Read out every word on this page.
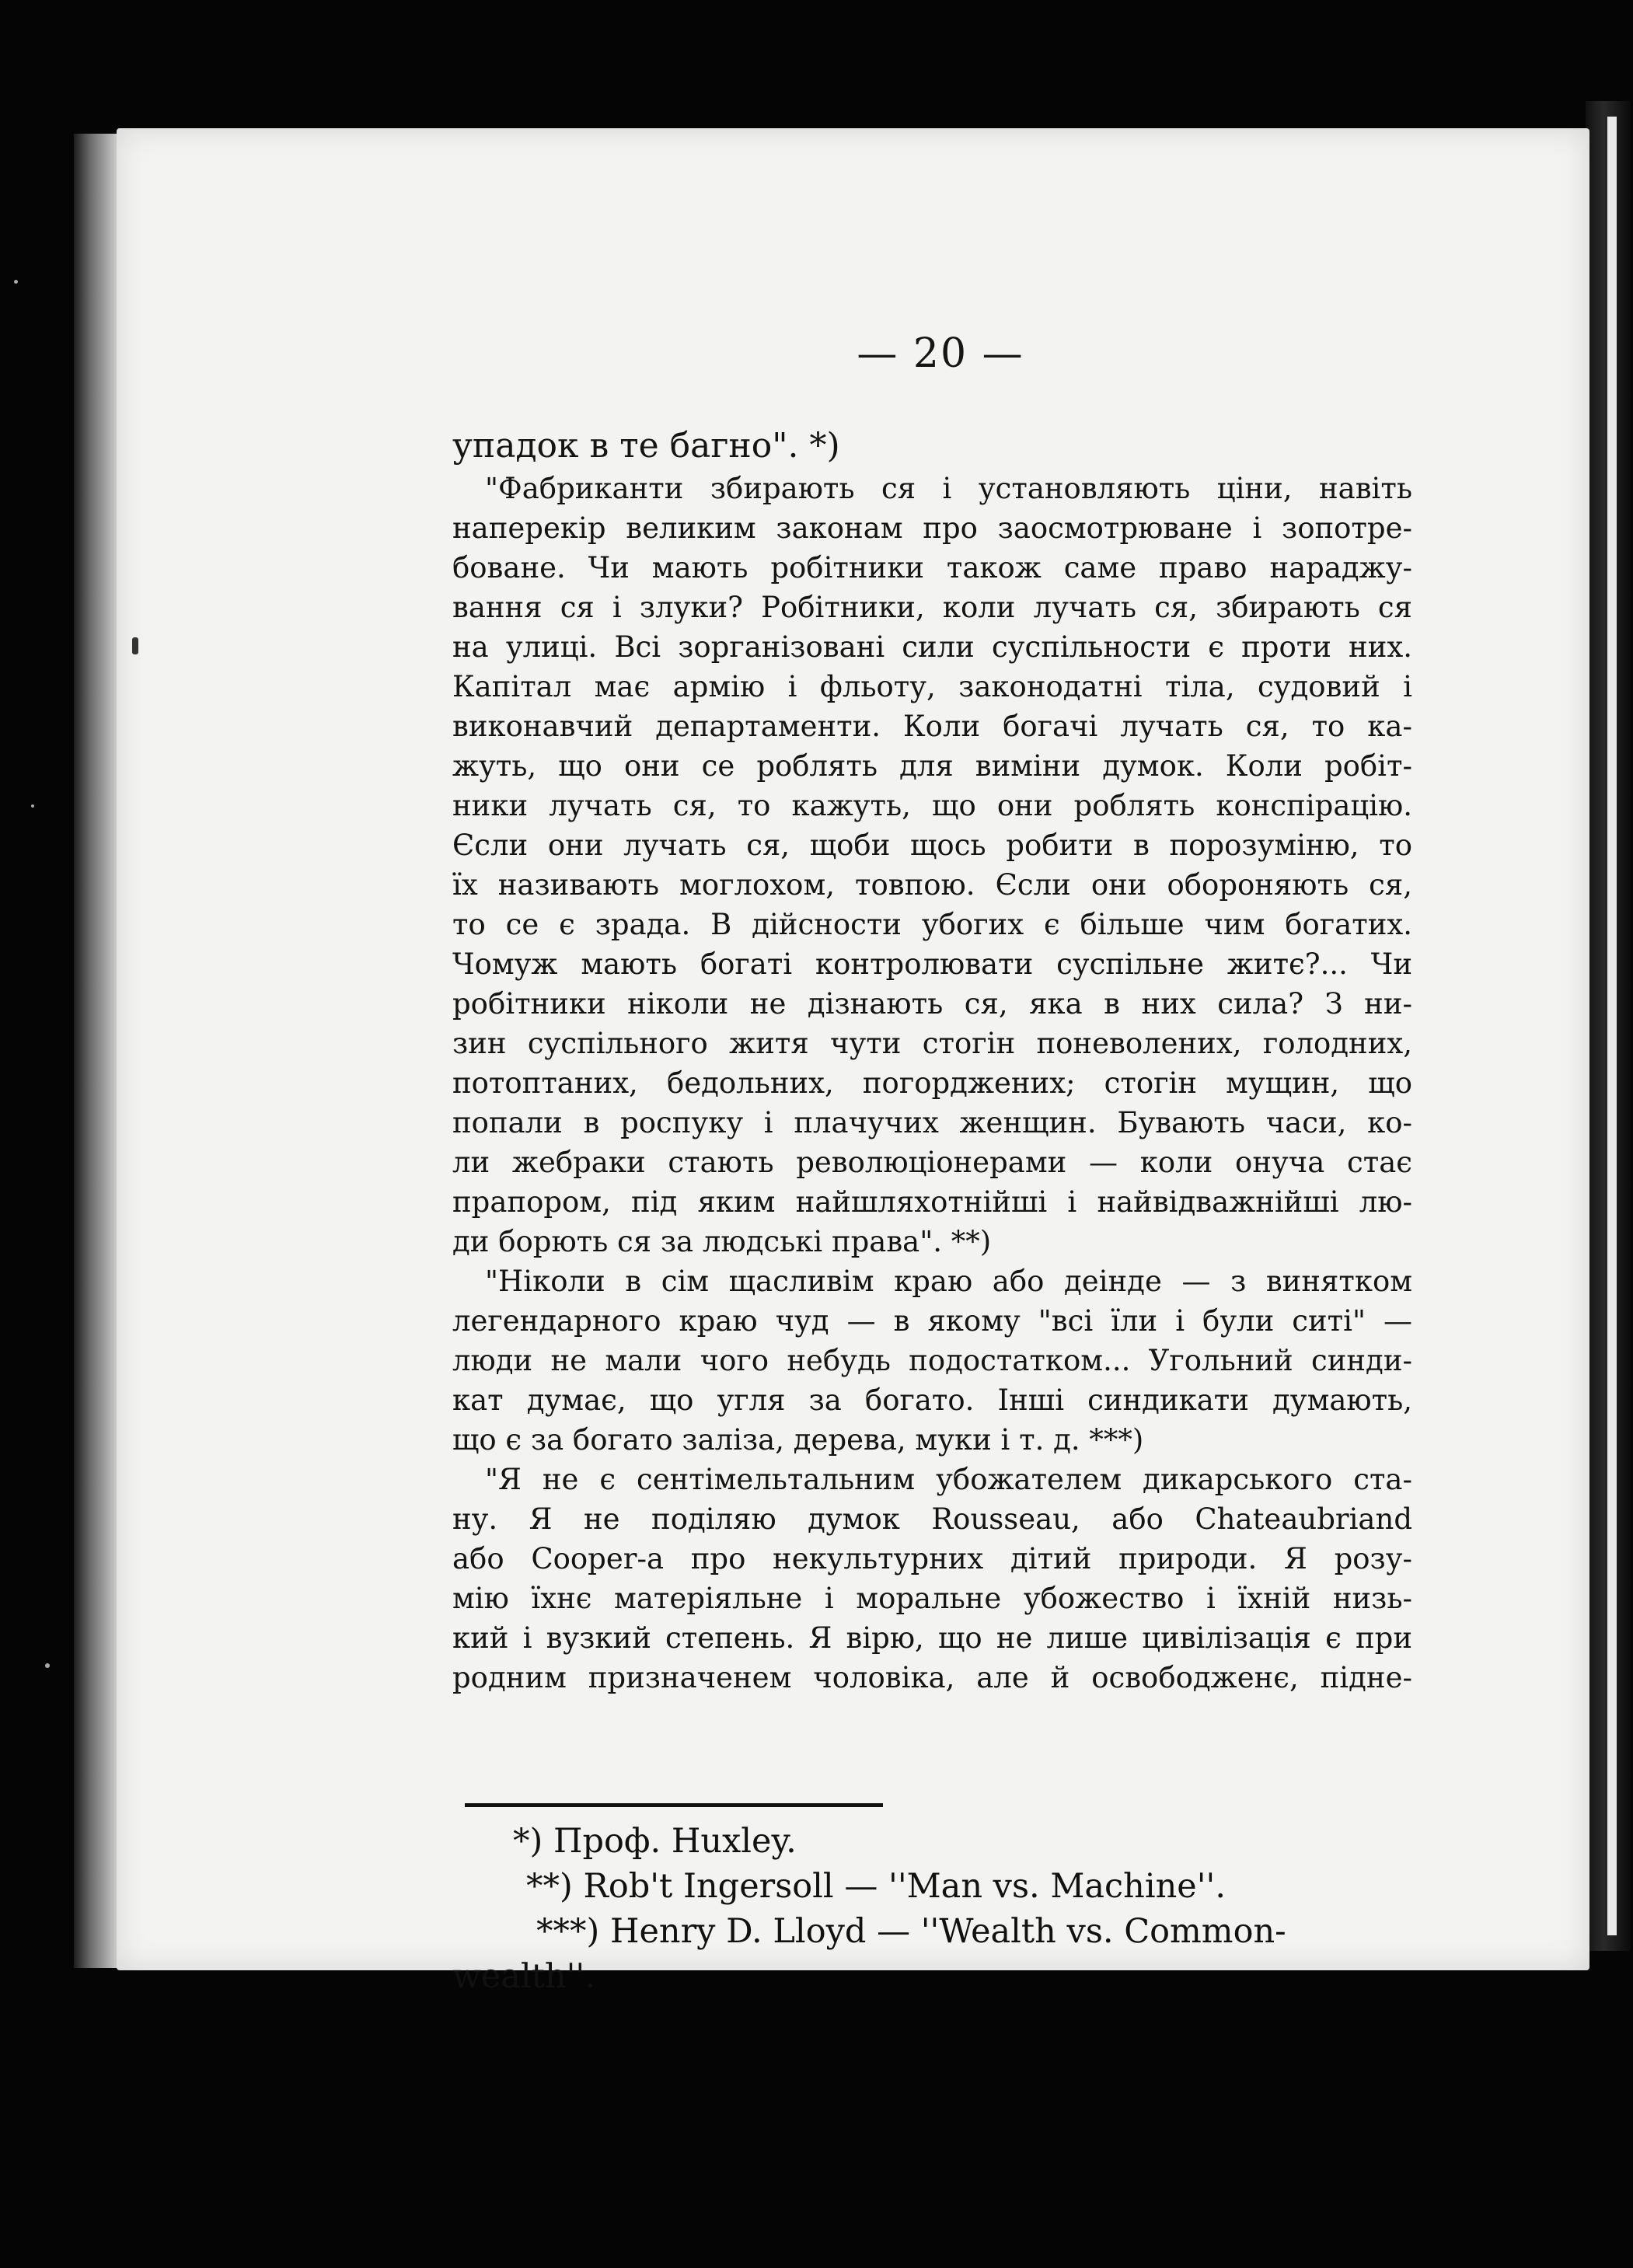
— 20 —
упадок в те багно". *)
"Фабриканти збирають ся і установляють ціни, навіть
наперекір великим законам про заосмотрюване і зопотре-
боване. Чи мають робітники також саме право нараджу-
вання ся і злуки? Робітники, коли лучать ся, збирають ся
на улиці. Всі зорганізовані сили суспільности є проти них.
Капітал має армію і фльоту, законодатні тіла, судовий і
виконавчий департаменти. Коли богачі лучать ся, то ка-
жуть, що они се роблять для виміни думок. Коли робіт-
ники лучать ся, то кажуть, що они роблять конспірацію.
Єсли они лучать ся, щоби щось робити в порозуміню, то
їх називають моглохом, товпою. Єсли они обороняють ся,
то се є зрада. В дійсности убогих є більше чим богатих.
Чомуж мають богаті контролювати суспільне житє?... Чи
робітники ніколи не дізнають ся, яка в них сила? З ни-
зин суспільного житя чути стогін поневолених, голодних,
потоптаних, бедольних, погорджених; стогін мущин, що
попали в роспуку і плачучих женщин. Бувають часи, ко-
ли жебраки стають революціонерами — коли онуча стає
прапором, під яким найшляхотнійші і найвідважнійші лю-
ди борють ся за людські права". **)
"Ніколи в сім щасливім краю або деінде — з винятком
легендарного краю чуд — в якому "всі їли і були ситі" —
люди не мали чого небудь подостатком... Угольний синди-
кат думає, що угля за богато. Інші синдикати думають,
що є за богато заліза, дерева, муки і т. д. ***)
"Я не є сентімельтальним убожателем дикарського ста-
ну. Я не поділяю думок Rousseau, або Chateaubriand
або Cooper-а про некультурних дітий природи. Я розу-
мію їхнє матеріяльне і моральне убожество і їхній низь-
кий і вузкий степень. Я вірю, що не лише цивілізація є при
родним призначенем чоловіка, але й освободженє, підне-
*) Проф. Huxley.
**) Rob't Ingersoll — ''Man vs. Machine''.
***) Henry D. Lloyd — ''Wealth vs. Common-
wealth''.
